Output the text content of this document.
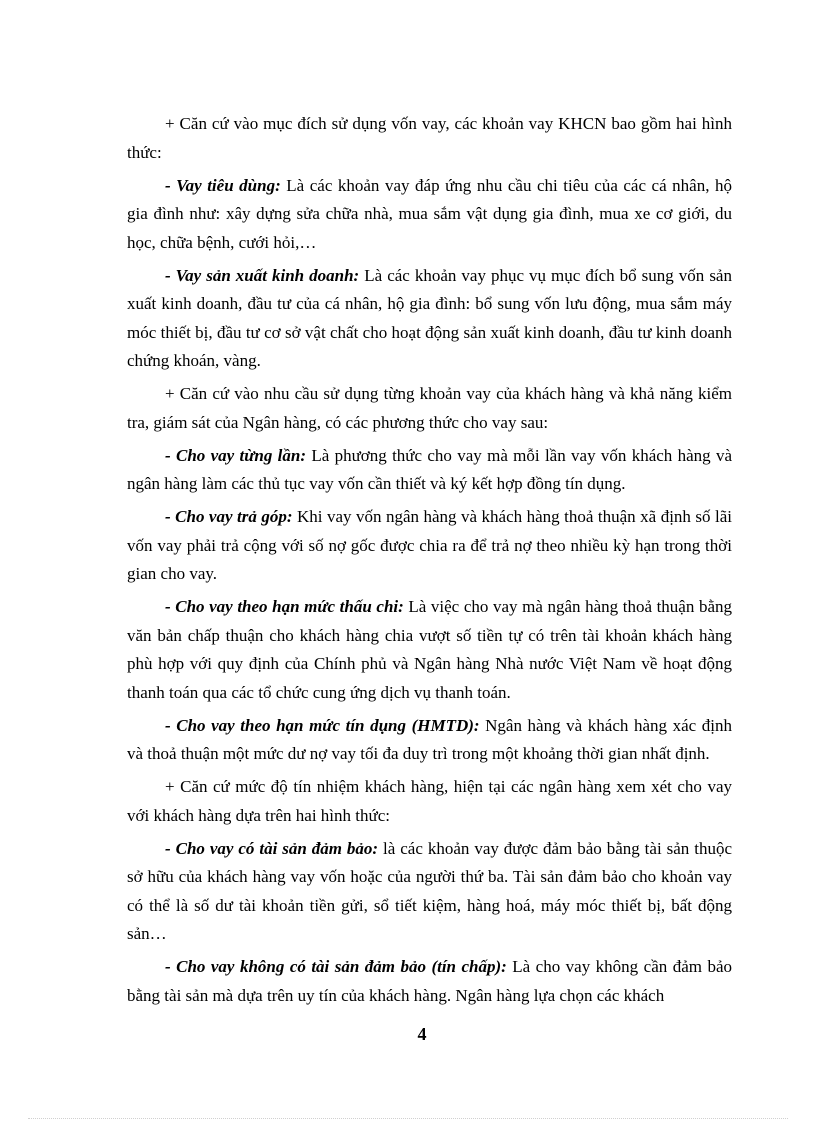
+ Căn cứ vào mục đích sử dụng vốn vay, các khoản vay KHCN bao gồm hai hình thức:

- Vay tiêu dùng: Là các khoản vay đáp ứng nhu cầu chi tiêu của các cá nhân, hộ gia đình như: xây dựng sửa chữa nhà, mua sắm vật dụng gia đình, mua xe cơ giới, du học, chữa bệnh, cưới hỏi,…

- Vay sản xuất kinh doanh: Là các khoản vay phục vụ mục đích bổ sung vốn sản xuất kinh doanh, đầu tư của cá nhân, hộ gia đình: bổ sung vốn lưu động, mua sắm máy móc thiết bị, đầu tư cơ sở vật chất cho hoạt động sản xuất kinh doanh, đầu tư kinh doanh chứng khoán, vàng.

+ Căn cứ vào nhu cầu sử dụng từng khoản vay của khách hàng và khả năng kiểm tra, giám sát của Ngân hàng, có các phương thức cho vay sau:

- Cho vay từng lần: Là phương thức cho vay mà mỗi lần vay vốn khách hàng và ngân hàng làm các thủ tục vay vốn cần thiết và ký kết hợp đồng tín dụng.

- Cho vay trả góp: Khi vay vốn ngân hàng và khách hàng thoả thuận xã định số lãi vốn vay phải trả cộng với số nợ gốc được chia ra để trả nợ theo nhiều kỳ hạn trong thời gian cho vay.

- Cho vay theo hạn mức thấu chi: Là việc cho vay mà ngân hàng thoả thuận bằng văn bản chấp thuận cho khách hàng chia vượt số tiền tự có trên tài khoản khách hàng phù hợp với quy định của Chính phủ và Ngân hàng Nhà nước Việt Nam về hoạt động thanh toán qua các tổ chức cung ứng dịch vụ thanh toán.

- Cho vay theo hạn mức tín dụng (HMTD): Ngân hàng và khách hàng xác định và thoả thuận một mức dư nợ vay tối đa duy trì trong một khoảng thời gian nhất định.

+ Căn cứ mức độ tín nhiệm khách hàng, hiện tại các ngân hàng xem xét cho vay với khách hàng dựa trên hai hình thức:

- Cho vay có tài sản đảm bảo: là các khoản vay được đảm bảo bằng tài sản thuộc sở hữu của khách hàng vay vốn hoặc của người thứ ba. Tài sản đảm bảo cho khoản vay có thể là số dư tài khoản tiền gửi, sổ tiết kiệm, hàng hoá, máy móc thiết bị, bất động sản…

- Cho vay không có tài sản đảm bảo (tín chấp): Là cho vay không cần đảm bảo bằng tài sản mà dựa trên uy tín của khách hàng. Ngân hàng lựa chọn các khách

4
